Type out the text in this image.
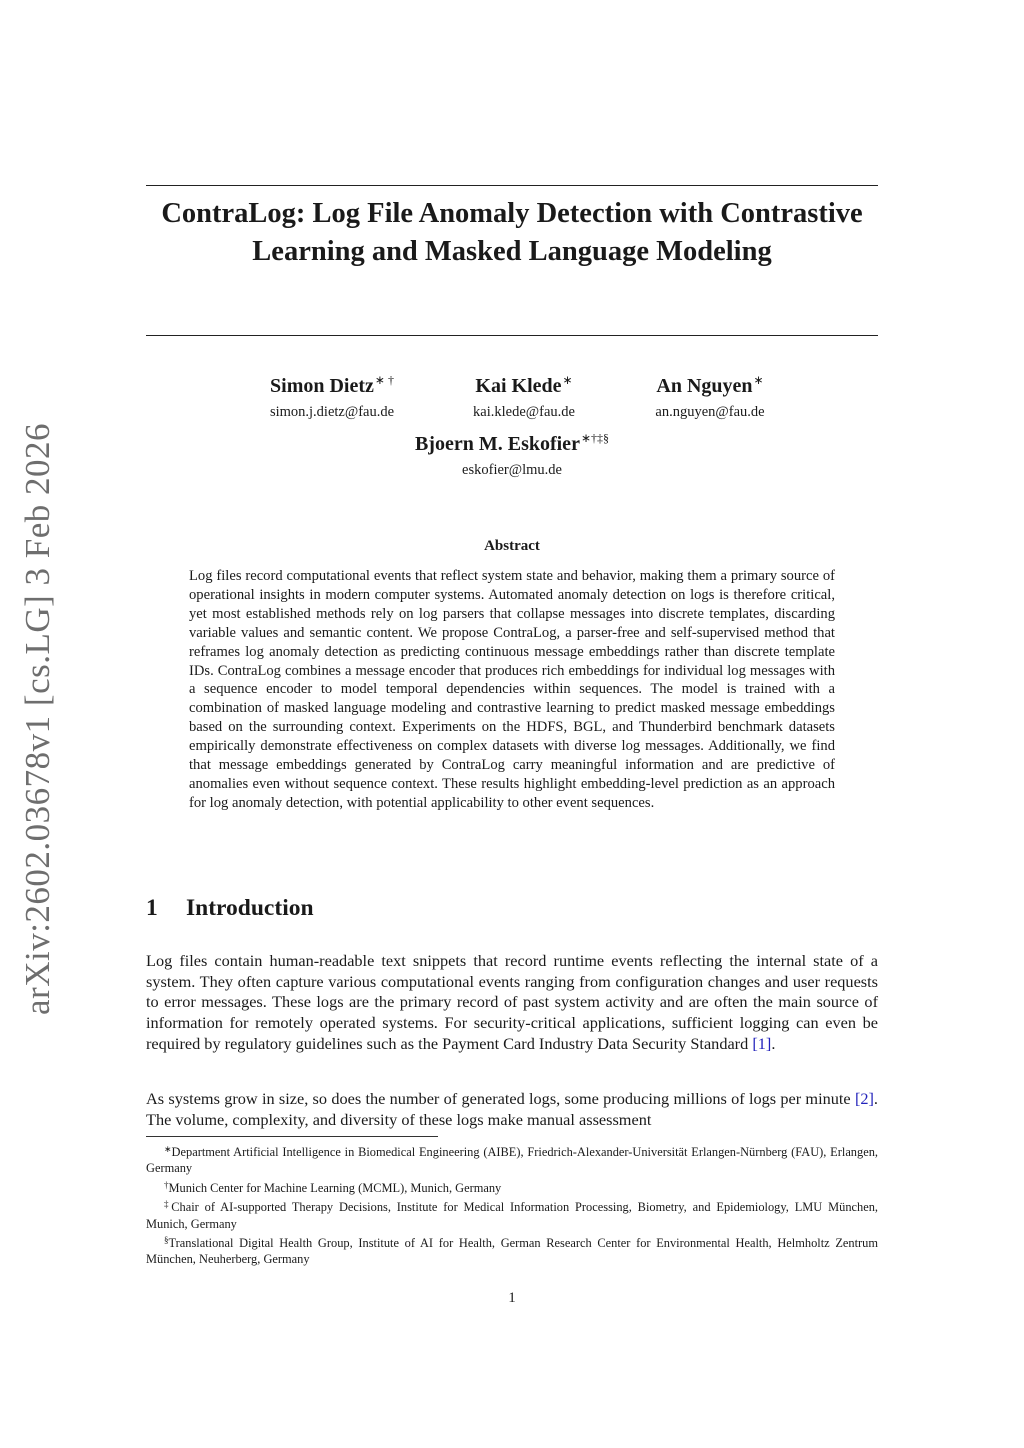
arXiv:2602.03678v1 [cs.LG] 3 Feb 2026
ContraLog: Log File Anomaly Detection with Contrastive Learning and Masked Language Modeling
Simon Dietz∗ †
simon.j.dietz@fau.de
Kai Klede∗
kai.klede@fau.de
An Nguyen∗
an.nguyen@fau.de
Bjoern M. Eskofier∗†‡§
eskofier@lmu.de
Abstract

Log files record computational events that reflect system state and behavior, making them a primary source of operational insights in modern computer systems. Automated anomaly detection on logs is therefore critical, yet most established methods rely on log parsers that collapse messages into discrete templates, discarding variable values and semantic content. We propose ContraLog, a parser-free and self-supervised method that reframes log anomaly detection as predicting continuous message embeddings rather than discrete template IDs. ContraLog combines a message encoder that produces rich embeddings for individual log messages with a sequence encoder to model temporal dependencies within sequences. The model is trained with a combination of masked language modeling and contrastive learning to predict masked message embeddings based on the surrounding context. Experiments on the HDFS, BGL, and Thunderbird benchmark datasets empirically demonstrate effectiveness on complex datasets with diverse log messages. Additionally, we find that message embeddings generated by ContraLog carry meaningful information and are predictive of anomalies even without sequence context. These results highlight embedding-level prediction as an approach for log anomaly detection, with potential applicability to other event sequences.

1 Introduction

Log files contain human-readable text snippets that record runtime events reflecting the internal state of a system. They often capture various computational events ranging from configuration changes and user requests to error messages. These logs are the primary record of past system activity and are often the main source of information for remotely operated systems. For security-critical applications, sufficient logging can even be required by regulatory guidelines such as the Payment Card Industry Data Security Standard [1].

As systems grow in size, so does the number of generated logs, some producing millions of logs per minute [2]. The volume, complexity, and diversity of these logs make manual assessment

∗Department Artificial Intelligence in Biomedical Engineering (AIBE), Friedrich-Alexander-Universität Erlangen-Nürnberg (FAU), Erlangen, Germany

†Munich Center for Machine Learning (MCML), Munich, Germany

‡Chair of AI-supported Therapy Decisions, Institute for Medical Information Processing, Biometry, and Epidemiology, LMU München, Munich, Germany

§Translational Digital Health Group, Institute of AI for Health, German Research Center for Environmental Health, Helmholtz Zentrum München, Neuherberg, Germany

1
